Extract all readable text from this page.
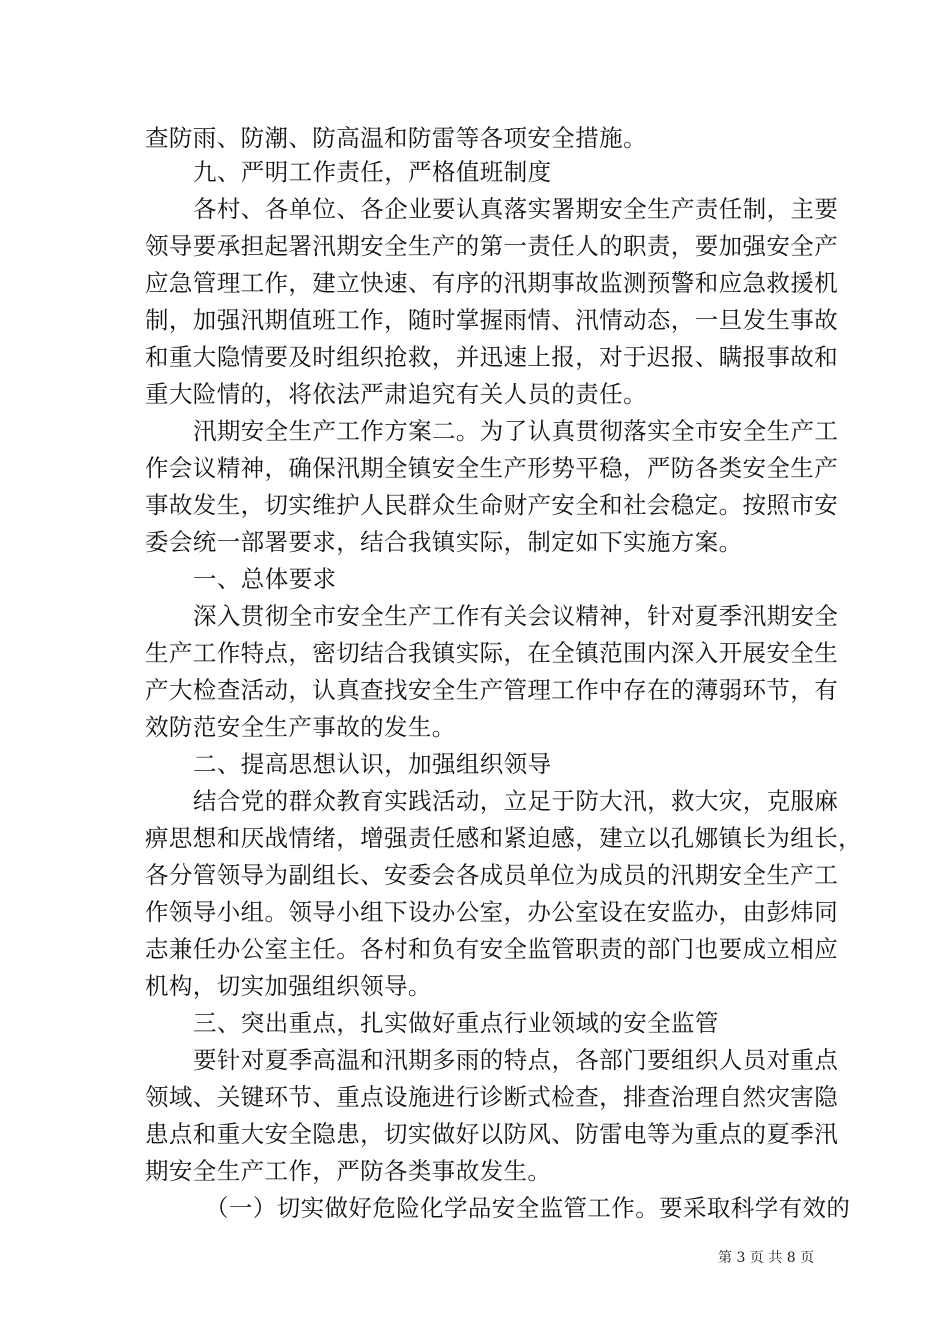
查防雨、防潮、防高温和防雷等各项安全措施。
九、严明工作责任，严格值班制度
各村、各单位、各企业要认真落实署期安全生产责任制，主要
领导要承担起署汛期安全生产的第一责任人的职责，要加强安全产
应急管理工作，建立快速、有序的汛期事故监测预警和应急救援机
制，加强汛期值班工作，随时掌握雨情、汛情动态，一旦发生事故
和重大隐情要及时组织抢救，并迅速上报，对于迟报、瞒报事故和
重大险情的，将依法严肃追究有关人员的责任。
汛期安全生产工作方案二。为了认真贯彻落实全市安全生产工
作会议精神，确保汛期全镇安全生产形势平稳，严防各类安全生产
事故发生，切实维护人民群众生命财产安全和社会稳定。按照市安
委会统一部署要求，结合我镇实际，制定如下实施方案。
一、总体要求
深入贯彻全市安全生产工作有关会议精神，针对夏季汛期安全
生产工作特点，密切结合我镇实际，在全镇范围内深入开展安全生
产大检查活动，认真查找安全生产管理工作中存在的薄弱环节，有
效防范安全生产事故的发生。
二、提高思想认识，加强组织领导
结合党的群众教育实践活动，立足于防大汛，救大灾，克服麻
痹思想和厌战情绪，增强责任感和紧迫感，建立以孔娜镇长为组长，
各分管领导为副组长、安委会各成员单位为成员的汛期安全生产工
作领导小组。领导小组下设办公室，办公室设在安监办，由彭炜同
志兼任办公室主任。各村和负有安全监管职责的部门也要成立相应
机构，切实加强组织领导。
三、突出重点，扎实做好重点行业领域的安全监管
要针对夏季高温和汛期多雨的特点，各部门要组织人员对重点
领域、关键环节、重点设施进行诊断式检查，排查治理自然灾害隐
患点和重大安全隐患，切实做好以防风、防雷电等为重点的夏季汛
期安全生产工作，严防各类事故发生。
（一）切实做好危险化学品安全监管工作。要采取科学有效的
第 3 页 共 8 页
